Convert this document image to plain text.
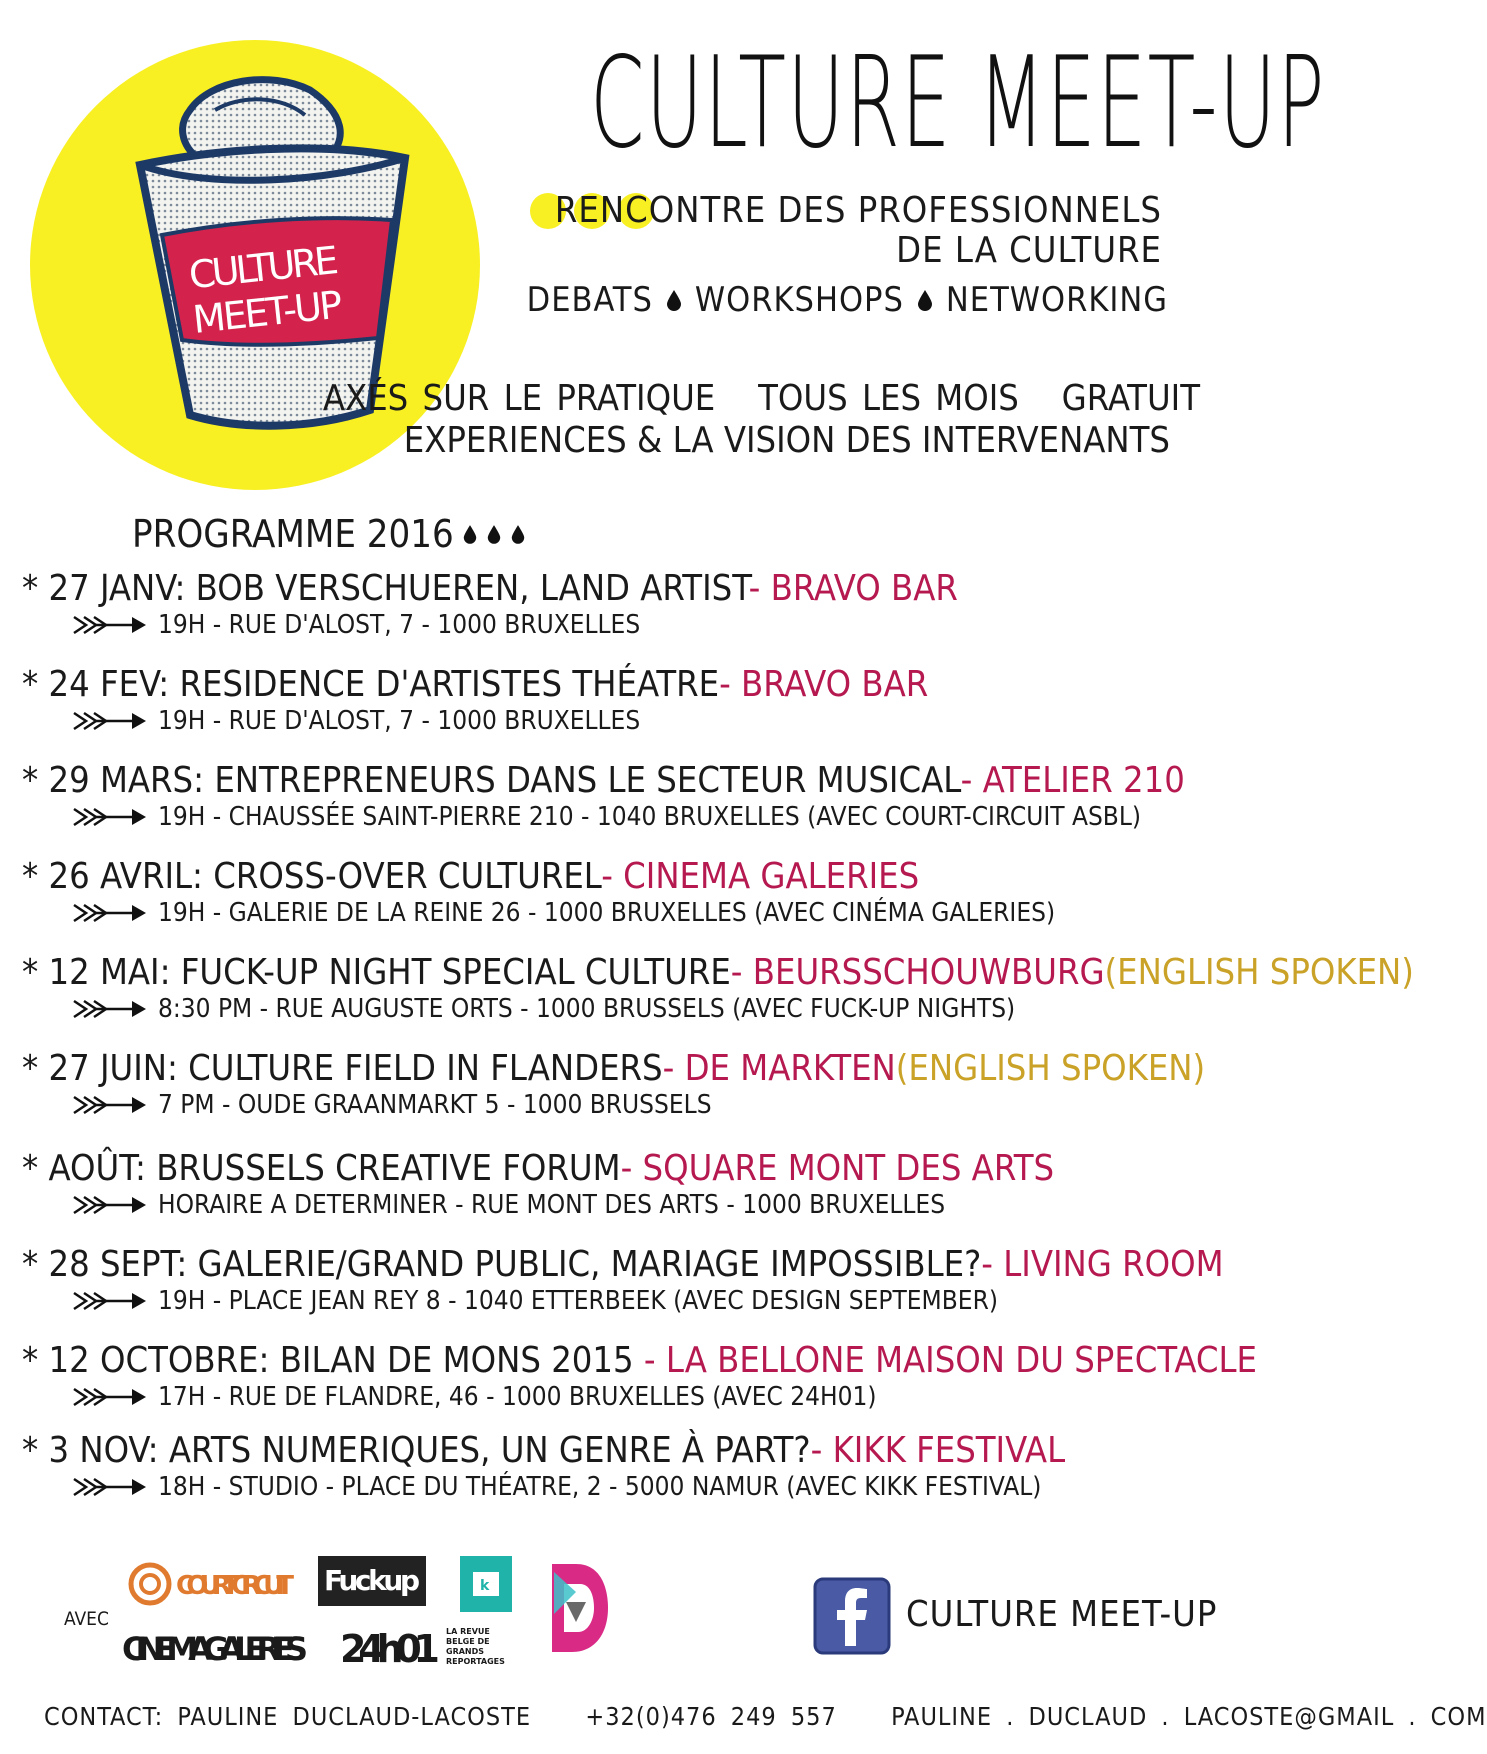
CULTURE
MEET-UP
CULTURE MEET-UP
RENCONTRE DES PROFESSIONNELS
DE LA CULTURE
DEBATS WORKSHOPS NETWORKING
AXÉS SUR LE PRATIQUE   TOUS LES MOIS   GRATUIT
EXPERIENCES & LA VISION DES INTERVENANTS
PROGRAMME 2016
* 27 JANV: BOB VERSCHUEREN, LAND ARTIST- BRAVO BAR
19H - RUE D'ALOST, 7 - 1000 BRUXELLES
* 24 FEV: RESIDENCE D'ARTISTES THÉATRE- BRAVO BAR
19H - RUE D'ALOST, 7 - 1000 BRUXELLES
* 29 MARS: ENTREPRENEURS DANS LE SECTEUR MUSICAL- ATELIER 210
19H - CHAUSSÉE SAINT-PIERRE 210 - 1040 BRUXELLES (AVEC COURT-CIRCUIT ASBL)
* 26 AVRIL: CROSS-OVER CULTUREL- CINEMA GALERIES
19H - GALERIE DE LA REINE 26 - 1000 BRUXELLES (AVEC CINÉMA GALERIES)
* 12 MAI: FUCK-UP NIGHT SPECIAL CULTURE- BEURSSCHOUWBURG(ENGLISH SPOKEN)
8:30 PM - RUE AUGUSTE ORTS - 1000 BRUSSELS (AVEC FUCK-UP NIGHTS)
* 27 JUIN: CULTURE FIELD IN FLANDERS- DE MARKTEN(ENGLISH SPOKEN)
7 PM - OUDE GRAANMARKT 5 - 1000 BRUSSELS
* AOÛT: BRUSSELS CREATIVE FORUM- SQUARE MONT DES ARTS
HORAIRE A DETERMINER - RUE MONT DES ARTS - 1000 BRUXELLES
* 28 SEPT: GALERIE/GRAND PUBLIC, MARIAGE IMPOSSIBLE?- LIVING ROOM
19H - PLACE JEAN REY 8 - 1040 ETTERBEEK (AVEC DESIGN SEPTEMBER)
* 12 OCTOBRE: BILAN DE MONS 2015 - LA BELLONE MAISON DU SPECTACLE
17H - RUE DE FLANDRE, 46 - 1000 BRUXELLES (AVEC 24H01)
* 3 NOV: ARTS NUMERIQUES, UN GENRE À PART?- KIKK FESTIVAL
18H - STUDIO - PLACE DU THÉATRE, 2 - 5000 NAMUR (AVEC KIKK FESTIVAL)
AVEC
COURT CIRCUIT Fuckup	k
CINEMAGALERIES 24h01 LA REVUE
BELGE DE
GRANDS
REPORTAGES
CULTURE MEET-UP
CONTACT: PAULINE DUCLAUD-LACOSTE +32(0)476 249 557 PAULINE . DUCLAUD . LACOSTE@GMAIL . COM
